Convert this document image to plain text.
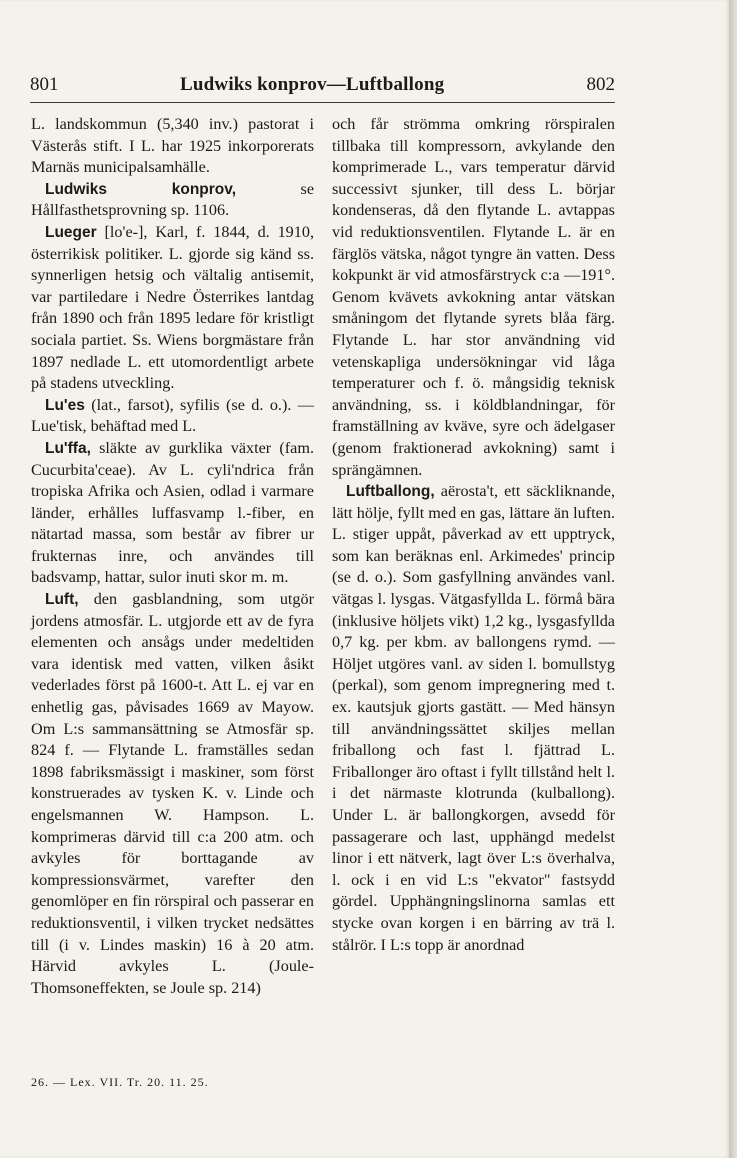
801	Ludwiks konprov—Luftballong	802

L. landskommun (5,340 inv.) pastorat i Västerås stift. I L. har 1925 inkorporerats Marnäs municipalsamhälle.

Ludwiks konprov, se Hållfasthetsprovning sp. 1106.

Lueger [lo'e-], Karl, f. 1844, d. 1910, österrikisk politiker. L. gjorde sig känd ss. synnerligen hetsig och vältalig antisemit, var partiledare i Nedre Österrikes lantdag från 1890 och från 1895 ledare för kristligt sociala partiet. Ss. Wiens borgmästare från 1897 nedlade L. ett utomordentligt arbete på stadens utveckling.

Lu'es (lat., farsot), syfilis (se d. o.). — Lue'tisk, behäftad med L.

Lu'ffa, släkte av gurklika växter (fam. Cucurbita'ceae). Av L. cyli'ndrica från tropiska Afrika och Asien, odlad i varmare länder, erhålles luffasvamp l.-fiber, en nätartad massa, som består av fibrer ur frukternas inre, och användes till badsvamp, hattar, sulor inuti skor m. m.

Luft, den gasblandning, som utgör jordens atmosfär. L. utgjorde ett av de fyra elementen och ansågs under medeltiden vara identisk med vatten, vilken åsikt vederlades först på 1600-t. Att L. ej var en enhetlig gas, påvisades 1669 av Mayow. Om L:s sammansättning se Atmosfär sp. 824 f. — Flytande L. framställes sedan 1898 fabriksmässigt i maskiner, som först konstruerades av tysken K. v. Linde och engelsmannen W. Hampson. L. komprimeras därvid till c:a 200 atm. och avkyles för borttagande av kompressionsvärmet, varefter den genomlöper en fin rörspiral och passerar en reduktionsventil, i vilken trycket nedsättes till (i v. Lindes maskin) 16 à 20 atm. Härvid avkyles L. (Joule-Thomsoneffekten, se Joule sp. 214)

och får strömma omkring rörspiralen tillbaka till kompressorn, avkylande den komprimerade L., vars temperatur därvid successivt sjunker, till dess L. börjar kondenseras, då den flytande L. avtappas vid reduktionsventilen. Flytande L. är en färglös vätska, något tyngre än vatten. Dess kokpunkt är vid atmosfärstryck c:a —191°. Genom kvävets avkokning antar vätskan småningom det flytande syrets blåa färg. Flytande L. har stor användning vid vetenskapliga undersökningar vid låga temperaturer och f. ö. mångsidig teknisk användning, ss. i köldblandningar, för framställning av kväve, syre och ädelgaser (genom fraktionerad avkokning) samt i sprängämnen.

Luftballong, aërosta't, ett säckliknande, lätt hölje, fyllt med en gas, lättare än luften. L. stiger uppåt, påverkad av ett upptryck, som kan beräknas enl. Arkimedes' princip (se d. o.). Som gasfyllning användes vanl. vätgas l. lysgas. Vätgasfyllda L. förmå bära (inklusive höljets vikt) 1,2 kg., lysgasfyllda 0,7 kg. per kbm. av ballongens rymd. — Höljet utgöres vanl. av siden l. bomullstyg (perkal), som genom impregnering med t. ex. kautsjuk gjorts gastätt. — Med hänsyn till användningssättet skiljes mellan friballong och fast l. fjättrad L. Friballonger äro oftast i fyllt tillstånd helt l. i det närmaste klotrunda (kulballong). Under L. är ballongkorgen, avsedd för passagerare och last, upphängd medelst linor i ett nätverk, lagt över L:s överhalva, l. ock i en vid L:s "ekvator" fastsydd gördel. Upphängningslinorna samlas ett stycke ovan korgen i en bärring av trä l. stålrör. I L:s topp är anordnad

26. — Lex. VII. Tr. 20. 11. 25.
